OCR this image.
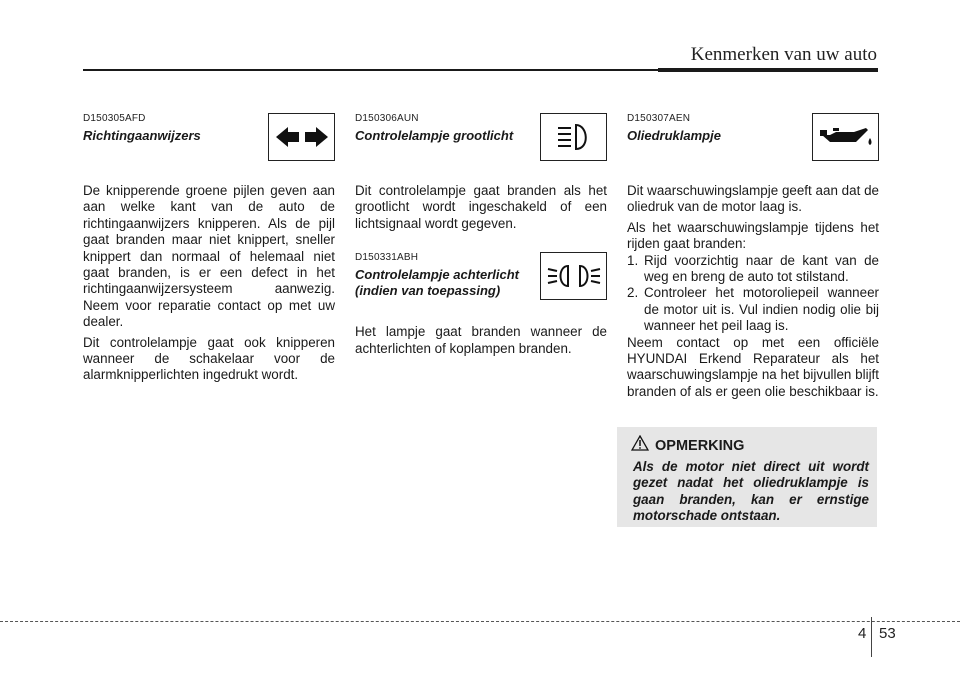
Kenmerken van uw auto

D150305AFD

Richtingaanwijzers

De knipperende groene pijlen geven aan aan welke kant van de auto de richtingaanwijzers knipperen. Als de pijl gaat branden maar niet knippert, sneller knippert dan normaal of helemaal niet gaat branden, is er een defect in het richtingaanwijzersysteem aanwezig. Neem voor reparatie contact op met uw dealer.

Dit controlelampje gaat ook knipperen wanneer de schakelaar voor de alarmknipperlichten ingedrukt wordt.

D150306AUN

Controlelampje grootlicht

Dit controlelampje gaat branden als het grootlicht wordt ingeschakeld of een lichtsignaal wordt gegeven.

D150331ABH

Controlelampje achterlicht
(indien van toepassing)

Het lampje gaat branden wanneer de achterlichten of koplampen branden.

D150307AEN

Oliedruklampje

Dit waarschuwingslampje geeft aan dat de oliedruk van de motor laag is.

Als het waarschuwingslampje tijdens het rijden gaat branden:

1. Rijd voorzichtig naar de kant van de weg en breng de auto tot stilstand.
2. Controleer het motoroliepeil wanneer de motor uit is. Vul indien nodig olie bij wanneer het peil laag is.

Neem contact op met een officiële HYUNDAI Erkend Reparateur als het waarschuwingslampje na het bijvullen blijft branden of als er geen olie beschikbaar is.

OPMERKING

Als de motor niet direct uit wordt gezet nadat het oliedruklampje is gaan branden, kan er ernstige motorschade ontstaan.

4 53
